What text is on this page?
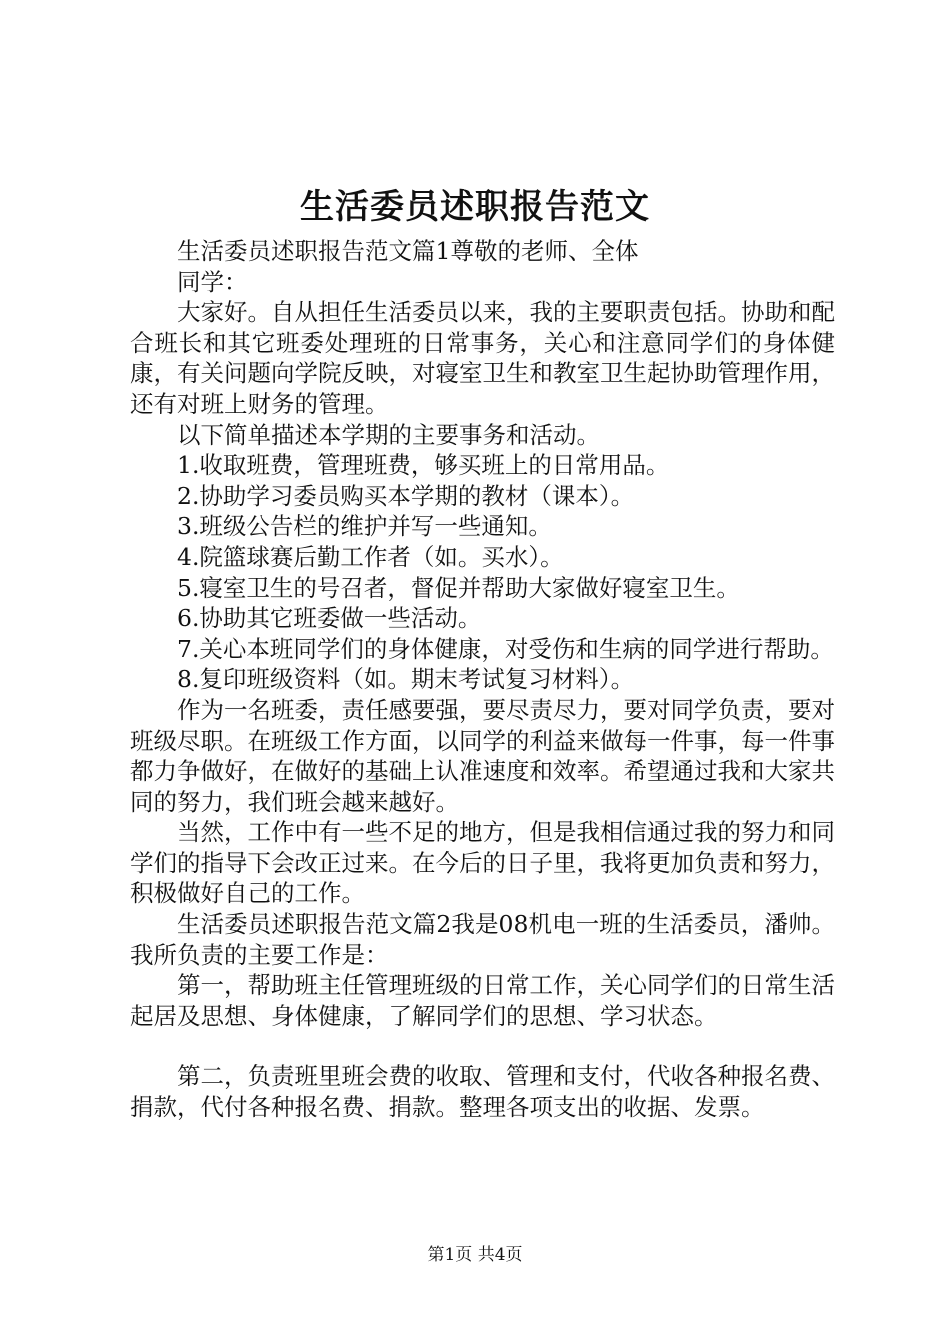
生活委员述职报告范文

生活委员述职报告范文篇1尊敬的老师、全体

同学：

大家好。自从担任生活委员以来，我的主要职责包括。协助和配合班长和其它班委处理班的日常事务，关心和注意同学们的身体健康，有关问题向学院反映，对寝室卫生和教室卫生起协助管理作用，还有对班上财务的管理。

以下简单描述本学期的主要事务和活动。

1.收取班费，管理班费，够买班上的日常用品。

2.协助学习委员购买本学期的教材（课本）。

3.班级公告栏的维护并写一些通知。

4.院篮球赛后勤工作者（如。买水）。

5.寝室卫生的号召者，督促并帮助大家做好寝室卫生。

6.协助其它班委做一些活动。

7.关心本班同学们的身体健康，对受伤和生病的同学进行帮助。

8.复印班级资料（如。期末考试复习材料）。

作为一名班委，责任感要强，要尽责尽力，要对同学负责，要对班级尽职。在班级工作方面，以同学的利益来做每一件事，每一件事都力争做好，在做好的基础上认准速度和效率。希望通过我和大家共同的努力，我们班会越来越好。

当然，工作中有一些不足的地方，但是我相信通过我的努力和同学们的指导下会改正过来。在今后的日子里，我将更加负责和努力，积极做好自己的工作。

生活委员述职报告范文篇2我是08机电一班的生活委员，潘帅。我所负责的主要工作是：

第一，帮助班主任管理班级的日常工作，关心同学们的日常生活起居及思想、身体健康，了解同学们的思想、学习状态。

第二，负责班里班会费的收取、管理和支付，代收各种报名费、捐款，代付各种报名费、捐款。整理各项支出的收据、发票。

第1页 共4页
